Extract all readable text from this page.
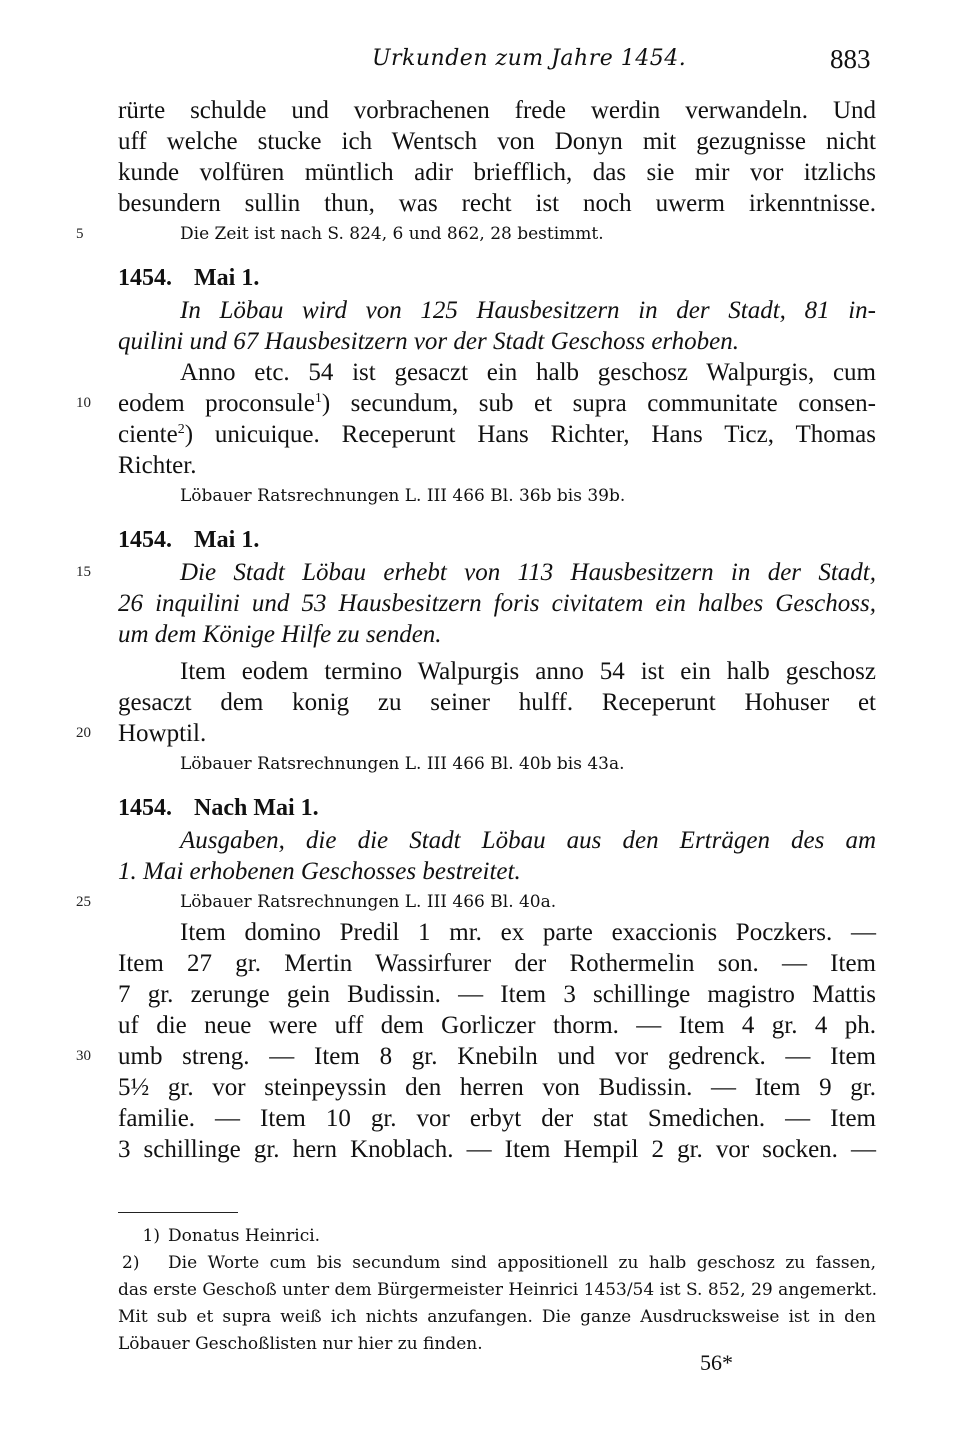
Urkunden zum Jahre 1454.	883
rürte schulde und vorbrachenen frede werdin verwandeln. Und
uff welche stucke ich Wentsch von Donyn mit gezugnisse nicht
kunde volfüren müntlich adir briefflich, das sie mir vor itzlichs
besundern sullin thun, was recht ist noch uwerm irkenntnisse.
5	Die Zeit ist nach S. 824, 6 und 862, 28 bestimmt.
1454. Mai 1.
In Löbau wird von 125 Hausbesitzern in der Stadt, 81 in-
quilini und 67 Hausbesitzern vor der Stadt Geschoss erhoben.
Anno etc. 54 ist gesaczt ein halb geschosz Walpurgis, cum
10	eodem proconsule$^1$) secundum, sub et supra communitate consen-
ciente$^2$) unicuique. Receperunt Hans Richter, Hans Ticz, Thomas
Richter.
Löbauer Ratsrechnungen L. III 466 Bl. 36b bis 39b.
1454. Mai 1.
15	Die Stadt Löbau erhebt von 113 Hausbesitzern in der Stadt,
26 inquilini und 53 Hausbesitzern foris civitatem ein halbes Geschoss,
um dem Könige Hilfe zu senden.
Item eodem termino Walpurgis anno 54 ist ein halb geschosz
gesaczt dem konig zu seiner hulff. Receperunt Hohuser et
20	Howptil.
Löbauer Ratsrechnungen L. III 466 Bl. 40b bis 43a.
1454. Nach Mai 1.
Ausgaben, die die Stadt Löbau aus den Erträgen des am
1. Mai erhobenen Geschosses bestreitet.
25	Löbauer Ratsrechnungen L. III 466 Bl. 40a.
Item domino Predil 1 mr. ex parte exaccionis Poczkers. —
Item 27 gr. Mertin Wassirfurer der Rothermelin son. — Item
7 gr. zerunge gein Budissin. — Item 3 schillinge magistro Mattis
uf die neue were uff dem Gorliczer thorm. — Item 4 gr. 4 ph.
30	umb streng. — Item 8 gr. Knebiln und vor gedrenck. — Item
5½ gr. vor steinpeyssin den herren von Budissin. — Item 9 gr.
familie. — Item 10 gr. vor erbyt der stat Smedichen. — Item
3 schillinge gr. hern Knoblach. — Item Hempil 2 gr. vor socken. —
1) Donatus Heinrici.
2) Die Worte cum bis secundum sind appositionell zu halb geschosz zu fassen,
das erste Geschoß unter dem Bürgermeister Heinrici 1453/54 ist S. 852, 29 angemerkt.
Mit sub et supra weiß ich nichts anzufangen. Die ganze Ausdrucksweise ist in den
Löbauer Geschoßlisten nur hier zu finden.
56*
